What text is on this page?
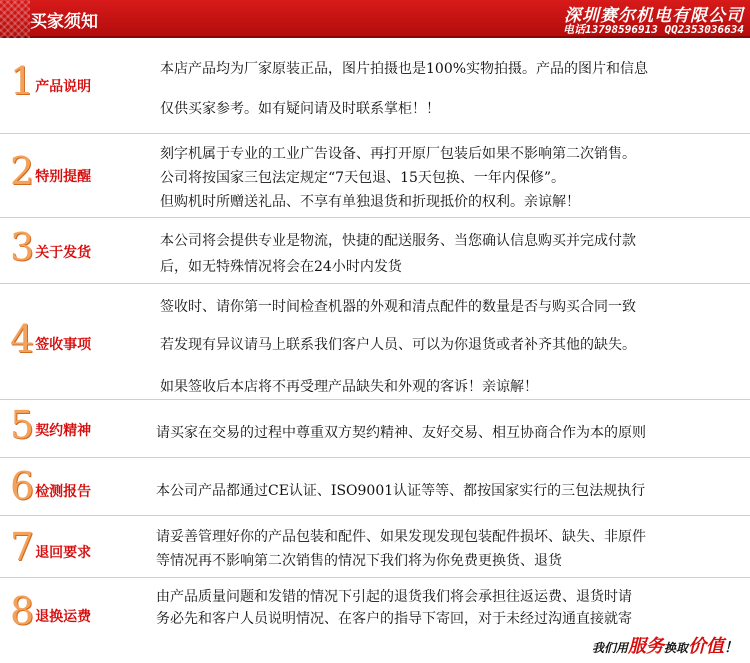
买家须知	深圳赛尔机电有限公司
电话13798596913 QQ2353036634
1产品说明
本店产品均为厂家原装正品，图片拍摄也是100%实物拍摄。产品的图片和信息
仅供买家参考。如有疑问请及时联系掌柜！！
2特别提醒
刻字机属于专业的工业广告设备、再打开原厂包装后如果不影响第二次销售。
公司将按国家三包法定规定“7天包退、15天包换、一年内保修”。
但购机时所赠送礼品、不享有单独退货和折现抵价的权利。亲谅解！
3关于发货
本公司将会提供专业是物流，快捷的配送服务、当您确认信息购买并完成付款
后，如无特殊情况将会在24小时内发货
4签收事项
签收时、请你第一时间检查机器的外观和清点配件的数量是否与购买合同一致
若发现有异议请马上联系我们客户人员、可以为你退货或者补齐其他的缺失。
如果签收后本店将不再受理产品缺失和外观的客诉！亲谅解！
5契约精神	请买家在交易的过程中尊重双方契约精神、友好交易、相互协商合作为本的原则
6检测报告	本公司产品都通过CE认证、ISO9001认证等等、都按国家实行的三包法规执行
7退回要求
请妥善管理好你的产品包装和配件、如果发现发现包装配件损坏、缺失、非原件
等情况再不影响第二次销售的情况下我们将为你免费更换货、退货
8退换运费
由产品质量问题和发错的情况下引起的退货我们将会承担往返运费、退货时请
务必先和客户人员说明情况、在客户的指导下寄回，对于未经过沟通直接就寄
我们用服务换取价值！
